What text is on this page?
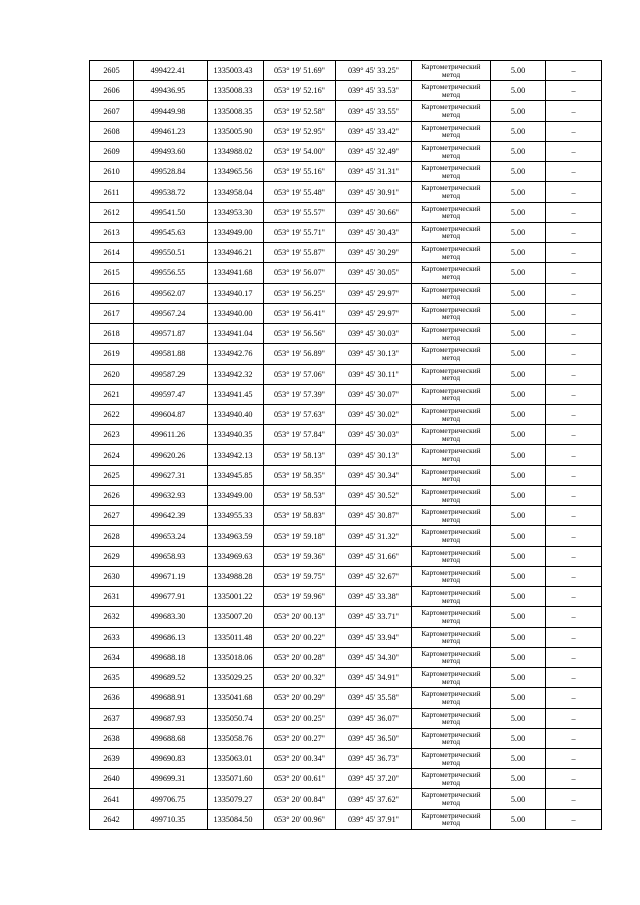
2605	499422.41	1335003.43	053° 19' 51.69"	039° 45' 33.25"	Картометрический метод	5.00	–
2606	499436.95	1335008.33	053° 19' 52.16"	039° 45' 33.53"	Картометрический метод	5.00	–
2607	499449.98	1335008.35	053° 19' 52.58"	039° 45' 33.55"	Картометрический метод	5.00	–
2608	499461.23	1335005.90	053° 19' 52.95"	039° 45' 33.42"	Картометрический метод	5.00	–
2609	499493.60	1334988.02	053° 19' 54.00"	039° 45' 32.49"	Картометрический метод	5.00	–
2610	499528.84	1334965.56	053° 19' 55.16"	039° 45' 31.31"	Картометрический метод	5.00	–
2611	499538.72	1334958.04	053° 19' 55.48"	039° 45' 30.91"	Картометрический метод	5.00	–
2612	499541.50	1334953.30	053° 19' 55.57"	039° 45' 30.66"	Картометрический метод	5.00	–
2613	499545.63	1334949.00	053° 19' 55.71"	039° 45' 30.43"	Картометрический метод	5.00	–
2614	499550.51	1334946.21	053° 19' 55.87"	039° 45' 30.29"	Картометрический метод	5.00	–
2615	499556.55	1334941.68	053° 19' 56.07"	039° 45' 30.05"	Картометрический метод	5.00	–
2616	499562.07	1334940.17	053° 19' 56.25"	039° 45' 29.97"	Картометрический метод	5.00	–
2617	499567.24	1334940.00	053° 19' 56.41"	039° 45' 29.97"	Картометрический метод	5.00	–
2618	499571.87	1334941.04	053° 19' 56.56"	039° 45' 30.03"	Картометрический метод	5.00	–
2619	499581.88	1334942.76	053° 19' 56.89"	039° 45' 30.13"	Картометрический метод	5.00	–
2620	499587.29	1334942.32	053° 19' 57.06"	039° 45' 30.11"	Картометрический метод	5.00	–
2621	499597.47	1334941.45	053° 19' 57.39"	039° 45' 30.07"	Картометрический метод	5.00	–
2622	499604.87	1334940.40	053° 19' 57.63"	039° 45' 30.02"	Картометрический метод	5.00	–
2623	499611.26	1334940.35	053° 19' 57.84"	039° 45' 30.03"	Картометрический метод	5.00	–
2624	499620.26	1334942.13	053° 19' 58.13"	039° 45' 30.13"	Картометрический метод	5.00	–
2625	499627.31	1334945.85	053° 19' 58.35"	039° 45' 30.34"	Картометрический метод	5.00	–
2626	499632.93	1334949.00	053° 19' 58.53"	039° 45' 30.52"	Картометрический метод	5.00	–
2627	499642.39	1334955.33	053° 19' 58.83"	039° 45' 30.87"	Картометрический метод	5.00	–
2628	499653.24	1334963.59	053° 19' 59.18"	039° 45' 31.32"	Картометрический метод	5.00	–
2629	499658.93	1334969.63	053° 19' 59.36"	039° 45' 31.66"	Картометрический метод	5.00	–
2630	499671.19	1334988.28	053° 19' 59.75"	039° 45' 32.67"	Картометрический метод	5.00	–
2631	499677.91	1335001.22	053° 19' 59.96"	039° 45' 33.38"	Картометрический метод	5.00	–
2632	499683.30	1335007.20	053° 20' 00.13"	039° 45' 33.71"	Картометрический метод	5.00	–
2633	499686.13	1335011.48	053° 20' 00.22"	039° 45' 33.94"	Картометрический метод	5.00	–
2634	499688.18	1335018.06	053° 20' 00.28"	039° 45' 34.30"	Картометрический метод	5.00	–
2635	499689.52	1335029.25	053° 20' 00.32"	039° 45' 34.91"	Картометрический метод	5.00	–
2636	499688.91	1335041.68	053° 20' 00.29"	039° 45' 35.58"	Картометрический метод	5.00	–
2637	499687.93	1335050.74	053° 20' 00.25"	039° 45' 36.07"	Картометрический метод	5.00	–
2638	499688.68	1335058.76	053° 20' 00.27"	039° 45' 36.50"	Картометрический метод	5.00	–
2639	499690.83	1335063.01	053° 20' 00.34"	039° 45' 36.73"	Картометрический метод	5.00	–
2640	499699.31	1335071.60	053° 20' 00.61"	039° 45' 37.20"	Картометрический метод	5.00	–
2641	499706.75	1335079.27	053° 20' 00.84"	039° 45' 37.62"	Картометрический метод	5.00	–
2642	499710.35	1335084.50	053° 20' 00.96"	039° 45' 37.91"	Картометрический метод	5.00	–
